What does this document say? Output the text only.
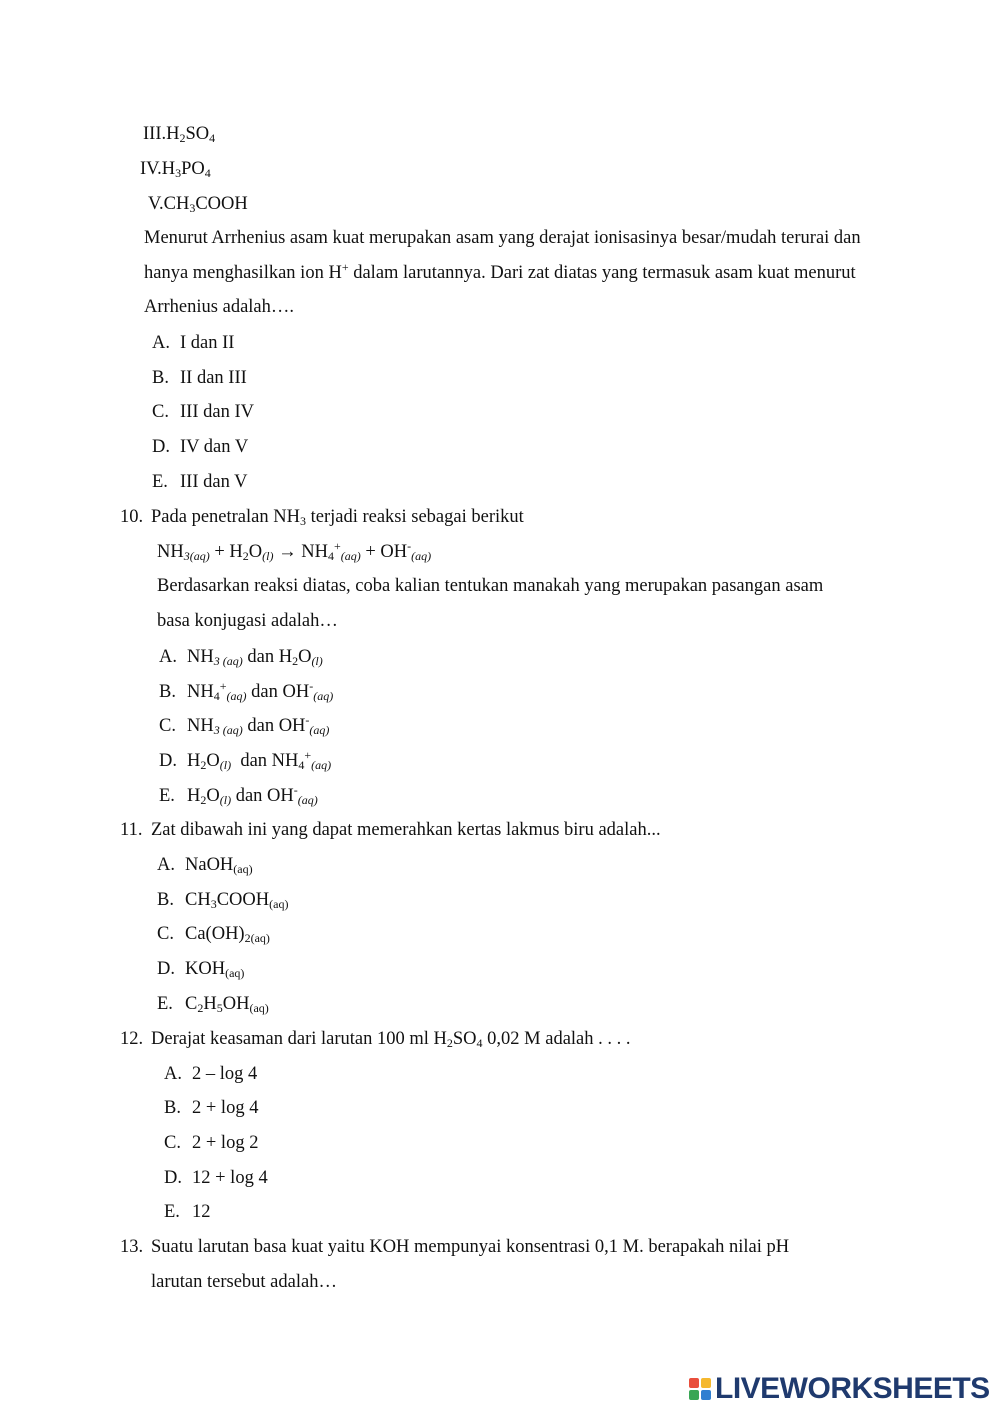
$III.H_2SO_4$
$IV.H_3PO_4$
$V.CH_3COOH$
Menurut Arrhenius asam kuat merupakan asam yang derajat ionisasinya besar/mudah terurai dan hanya menghasilkan ion H+ dalam larutannya. Dari zat diatas yang termasuk asam kuat menurut Arrhenius adalah….
A. I dan II
B. II dan III
C. III dan IV
D. IV dan V
E. III dan V
10. Pada penetralan $NH_3$ terjadi reaksi sebagai berikut
$NH_{3(aq)} + H_2O_{(l)} \to NH_4^+_{(aq)} + OH^-_{(aq)}$
Berdasarkan reaksi diatas, coba kalian tentukan manakah yang merupakan pasangan asam basa konjugasi adalah…
A. $NH_{3 (aq)}$ dan $H_2O_{(l)}$
B. $NH_4^+_{(aq)}$ dan $OH^-_{(aq)}$
C. $NH_{3 (aq)}$ dan $OH^-_{(aq)}$
D. $H_2O_{(l)}$  dan $NH_4^+_{(aq)}$
E. $H_2O_{(l)}$ dan $OH^-_{(aq)}$
11. Zat dibawah ini yang dapat memerahkan kertas lakmus biru adalah...
A. NaOH$_{(aq)}$
B. $CH_3COOH_{(aq)}$
C. $Ca(OH)_{2(aq)}$
D. $KOH_{(aq)}$
E. $C_2H_5OH_{(aq)}$
12. Derajat keasaman dari larutan 100 ml $H_2SO_4$ 0,02 M adalah . . . .
A. 2 – log 4
B. 2 + log 4
C. 2 + log 2
D. 12 + log 4
E. 12
13. Suatu larutan basa kuat yaitu KOH mempunyai konsentrasi 0,1 M. berapakah nilai pH
larutan tersebut adalah…
LIVEWORKSHEETS
